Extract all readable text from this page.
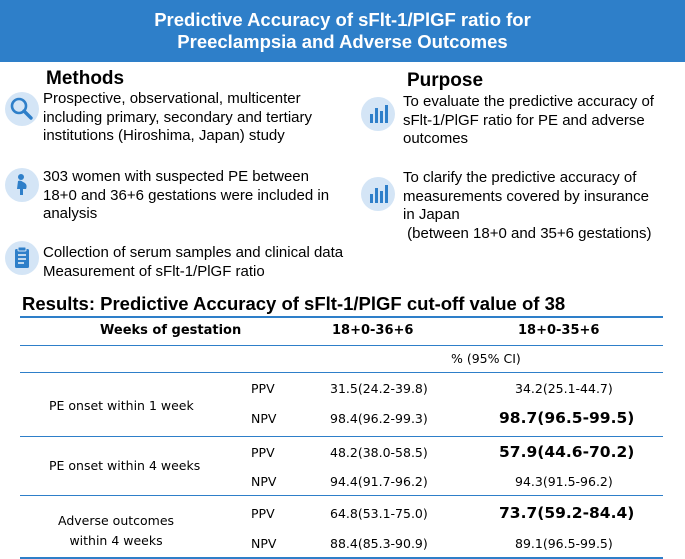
Predictive Accuracy of sFlt-1/PlGF ratio for
Preeclampsia and Adverse Outcomes
Methods
Prospective, observational, multicenter
including primary, secondary and tertiary
institutions (Hiroshima, Japan) study
303 women with suspected PE between
18+0 and 36+6 gestations were included in
analysis
Collection of serum samples and clinical data
Measurement of sFlt-1/PlGF ratio
Purpose
To evaluate the predictive accuracy of
sFlt-1/PlGF ratio for PE and adverse
outcomes
To clarify the predictive accuracy of
measurements covered by insurance
in Japan
(between 18+0 and 35+6 gestations)
Results: Predictive Accuracy of sFlt-1/PlGF cut-off value of 38
Weeks of gestation	18+0-36+6	18+0-35+6
% (95% CI)
PE onset within 1 week
PPV	31.5(24.2-39.8)	34.2(25.1-44.7)
NPV	98.4(96.2-99.3)	98.7(96.5-99.5)
PE onset within 4 weeks
PPV	48.2(38.0-58.5)	57.9(44.6-70.2)
NPV	94.4(91.7-96.2)	94.3(91.5-96.2)
Adverse outcomes
within 4 weeks
PPV	64.8(53.1-75.0)	73.7(59.2-84.4)
NPV	88.4(85.3-90.9)	89.1(96.5-99.5)
